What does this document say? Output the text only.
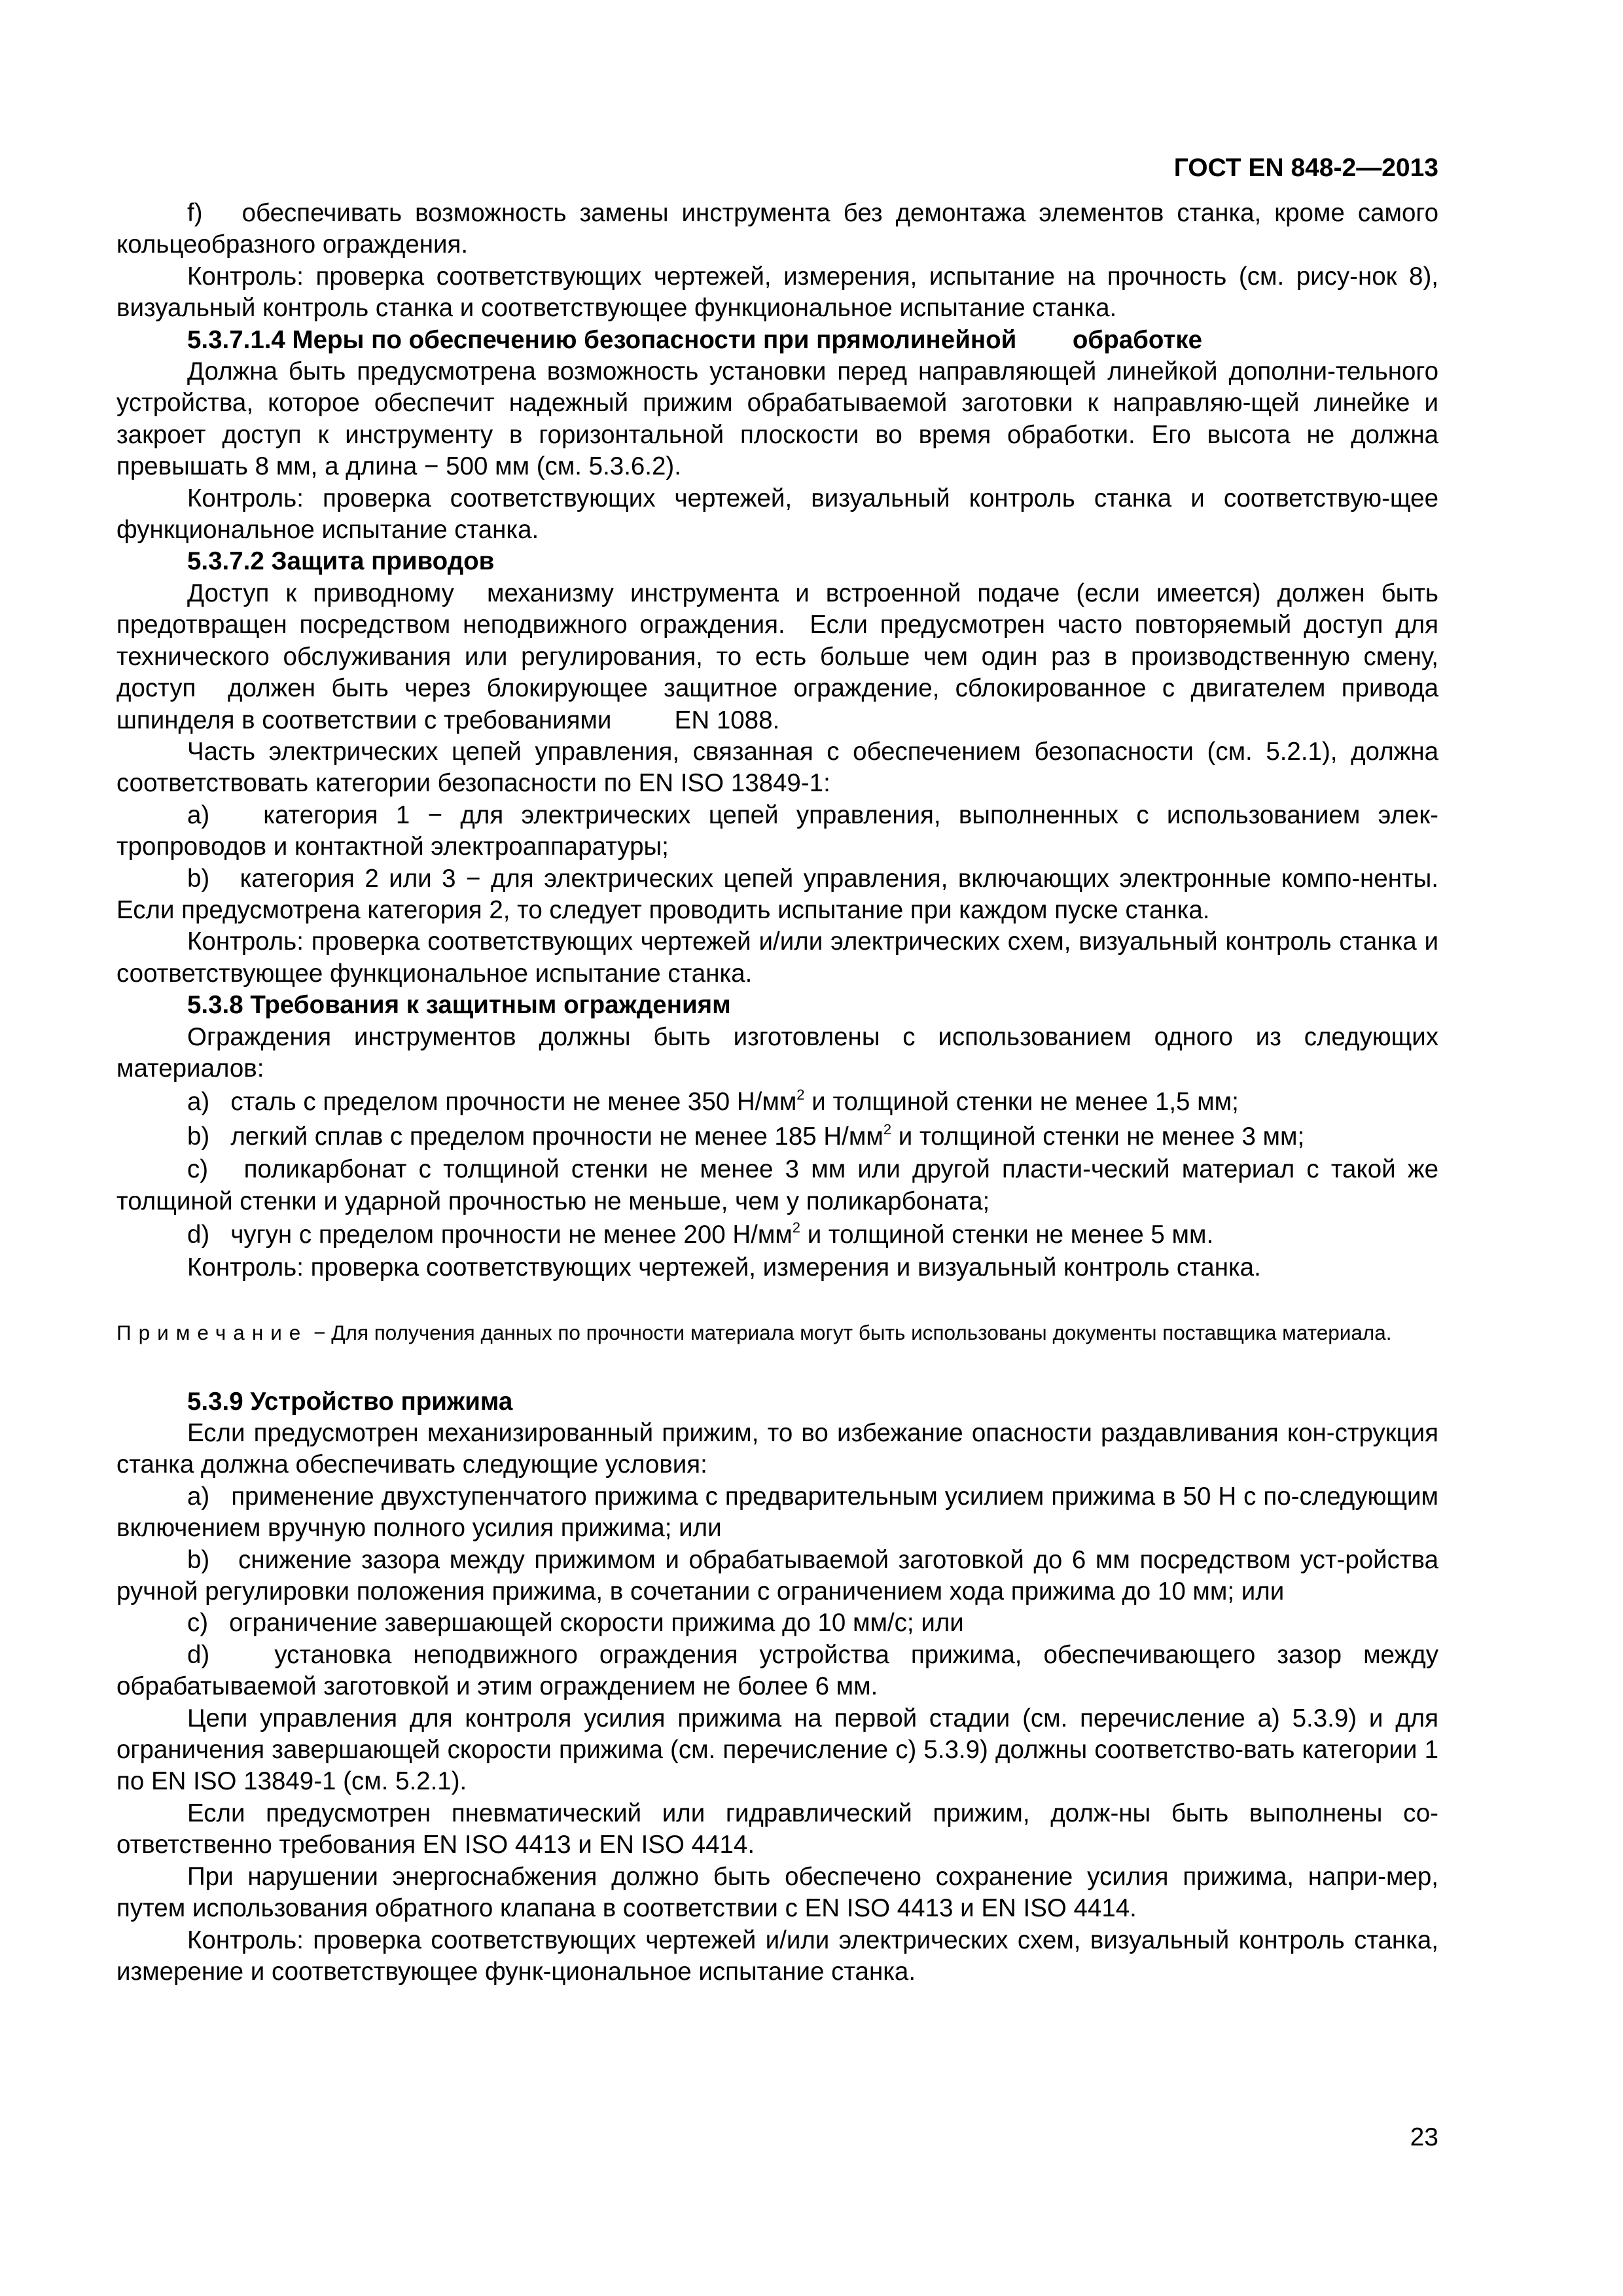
ГОСТ EN 848-2—2013

f)   обеспечивать возможность замены инструмента без демонтажа элементов станка, кроме самого кольцеобразного ограждения.

Контроль: проверка соответствующих чертежей, измерения, испытание на прочность (см. рису-нок 8), визуальный контроль станка и соответствующее функциональное испытание станка.

5.3.7.1.4 Меры по обеспечению безопасности при прямолинейной        обработке

Должна быть предусмотрена возможность установки перед направляющей линейкой дополни-тельного устройства, которое обеспечит надежный прижим обрабатываемой заготовки к направляю-щей линейке и закроет доступ к инструменту в горизонтальной плоскости во время обработки. Его высота не должна превышать 8 мм, а длина − 500 мм (см. 5.3.6.2).

Контроль: проверка соответствующих чертежей, визуальный контроль станка и соответствую-щее функциональное испытание станка.

5.3.7.2 Защита приводов

Доступ к приводному  механизму инструмента и встроенной подаче (если имеется) должен быть предотвращен посредством неподвижного ограждения.  Если предусмотрен часто повторяемый доступ для технического обслуживания или регулирования, то есть больше чем один раз в производственную смену, доступ  должен быть через блокирующее защитное ограждение, сблокированное с двигателем привода шпинделя в соответствии с требованиями         EN 1088.

Часть электрических цепей управления, связанная с обеспечением безопасности (см. 5.2.1), должна соответствовать категории безопасности по EN ISO 13849-1:

а)   категория 1 − для электрических цепей управления, выполненных с использованием элек-тропроводов и контактной электроаппаратуры;

b)   категория 2 или 3 − для электрических цепей управления, включающих электронные компо-ненты. Если предусмотрена категория 2, то следует проводить испытание при каждом пуске станка.

Контроль: проверка соответствующих чертежей и/или электрических схем, визуальный контроль станка и соответствующее функциональное испытание станка.

5.3.8 Требования к защитным ограждениям

Ограждения инструментов должны быть изготовлены с использованием одного из следующих материалов:

а)   сталь с пределом прочности не менее 350 $Н/мм^2$ и толщиной стенки не менее 1,5 мм;

b)   легкий сплав с пределом прочности не менее 185 $Н/мм^2$ и толщиной стенки не менее 3 мм;

с)   поликарбонат с толщиной стенки не менее 3 мм или другой пласти-ческий материал с такой же толщиной стенки и ударной прочностью не меньше, чем у поликарбоната;

d)   чугун с пределом прочности не менее 200 $Н/мм^2$ и толщиной стенки не менее 5 мм.

Контроль: проверка соответствующих чертежей, измерения и визуальный контроль станка.

Примечание − Для получения данных по прочности материала могут быть использованы документы поставщика материала.

5.3.9 Устройство прижима

Если предусмотрен механизированный прижим, то во избежание опасности раздавливания кон-струкция станка должна обеспечивать следующие условия:

а)   применение двухступенчатого прижима с предварительным усилием прижима в 50 Н с по-следующим включением вручную полного усилия прижима; или

b)   снижение зазора между прижимом и обрабатываемой заготовкой до 6 мм посредством уст-ройства ручной регулировки положения прижима, в сочетании с ограничением хода прижима до 10 мм; или

с)   ограничение завершающей скорости прижима до 10 мм/с; или

d)   установка неподвижного ограждения устройства прижима, обеспечивающего зазор между обрабатываемой заготовкой и этим ограждением не более 6 мм.

Цепи управления для контроля усилия прижима на первой стадии (см. перечисление а) 5.3.9) и для ограничения завершающей скорости прижима (см. перечисление с) 5.3.9) должны соответство-вать категории 1 по EN ISO 13849-1 (см. 5.2.1).

Если предусмотрен пневматический или гидравлический прижим, долж-ны быть выполнены со-ответственно требования EN ISO 4413 и EN ISO 4414.

При нарушении энергоснабжения должно быть обеспечено сохранение усилия прижима, напри-мер, путем использования обратного клапана в соответствии с EN ISO 4413 и EN ISO 4414.

Контроль: проверка соответствующих чертежей и/или электрических схем, визуальный контроль станка, измерение и соответствующее функ-циональное испытание станка.

23
